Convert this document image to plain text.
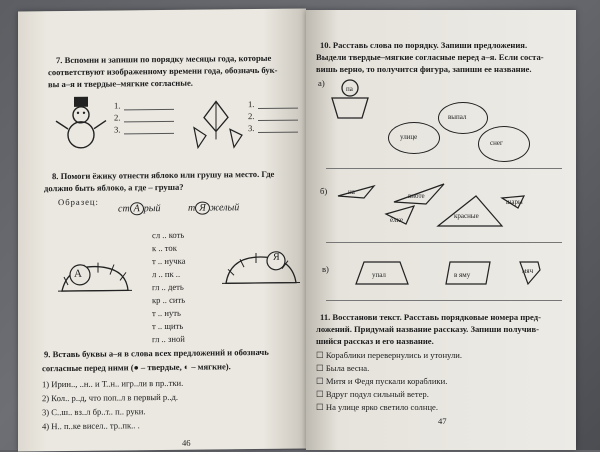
7. Вспомни и запиши по порядку месяцы года, которые
соответствуют изображенному времени года, обозначь бук-
вы а–я и твердые–мягкие согласные.
1.
2.
3.
1.
2.
3.
8. Помоги ёжику отнести яблоко или грушу на место. Где
должно быть яблоко, а где – груша?
Образец:
ст А рый	т Я желый
сл .. коть
к .. ток
т .. нучка
л .. пк ..
гл .. деть
кр .. сить
т .. нуть
т .. щить
гл .. зной
А
Я
9. Вставь буквы а–я в слова всех предложений и обозначь
согласные перед ними (● – твердые, ◐ – мягкие).
1) Ирин.., ..н.. и Т..н.. игр..ли в пр..тки.
2) Кол.. р..д, что поп..л в первый р..д.
3) С..ш.. вз..л бр..т.. п.. руки.
4) Н.. п..ке висел.. тр..пк.. .
46
10. Расставь слова по порядку. Запиши предложения.
Выдели твердые–мягкие согласные перед а–я. Если соста-
вишь верно, то получится фигура, запиши ее название.
а)
па
улице
выпал
снег
б)	на	вноте
ёлке	красные
шары
в)
упал	в яму	мяч
11. Восстанови текст. Расставь порядковые номера пред-
ложений. Придумай название рассказу. Запиши получив-
шийся рассказ и его название.
☐ Кораблики перевернулись и утонули.
☐ Была весна.
☐ Митя и Федя пускали кораблики.
☐ Вдруг подул сильный ветер.
☐ На улице ярко светило солнце.
47
